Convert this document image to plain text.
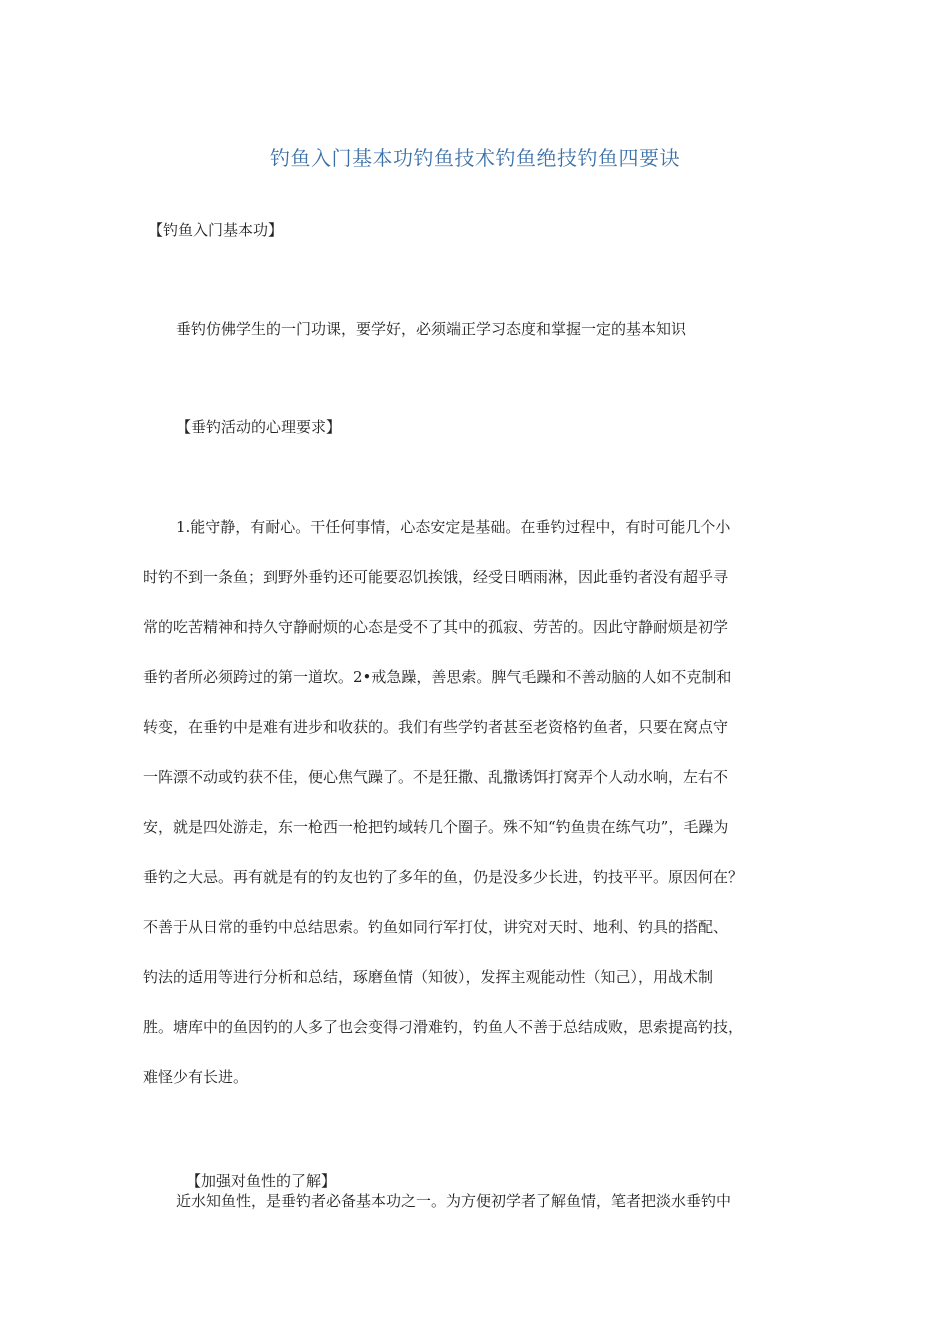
钓鱼入门基本功钓鱼技术钓鱼绝技钓鱼四要诀
【钓鱼入门基本功】
垂钓仿佛学生的一门功课，要学好，必须端正学习态度和掌握一定的基本知识
【垂钓活动的心理要求】
1.能守静，有耐心。干任何事情，心态安定是基础。在垂钓过程中，有时可能几个小
时钓不到一条鱼；到野外垂钓还可能要忍饥挨饿，经受日晒雨淋，因此垂钓者没有超乎寻
常的吃苦精神和持久守静耐烦的心态是受不了其中的孤寂、劳苦的。因此守静耐烦是初学
垂钓者所必须跨过的第一道坎。2•戒急躁，善思索。脾气毛躁和不善动脑的人如不克制和
转变，在垂钓中是难有进步和收获的。我们有些学钓者甚至老资格钓鱼者，只要在窝点守
一阵漂不动或钓获不佳，便心焦气躁了。不是狂撒、乱撒诱饵打窝弄个人动水响，左右不
安，就是四处游走，东一枪西一枪把钓域转几个圈子。殊不知“钓鱼贵在练气功”，毛躁为
垂钓之大忌。再有就是有的钓友也钓了多年的鱼，仍是没多少长进，钓技平平。原因何在？
不善于从日常的垂钓中总结思索。钓鱼如同行军打仗，讲究对天时、地利、钓具的搭配、
钓法的适用等进行分析和总结，琢磨鱼情（知彼），发挥主观能动性（知己），用战术制
胜。塘库中的鱼因钓的人多了也会变得刁滑难钓，钓鱼人不善于总结成败，思索提高钓技，
难怪少有长进。
【加强对鱼性的了解】
近水知鱼性，是垂钓者必备基本功之一。为方便初学者了解鱼情，笔者把淡水垂钓中
